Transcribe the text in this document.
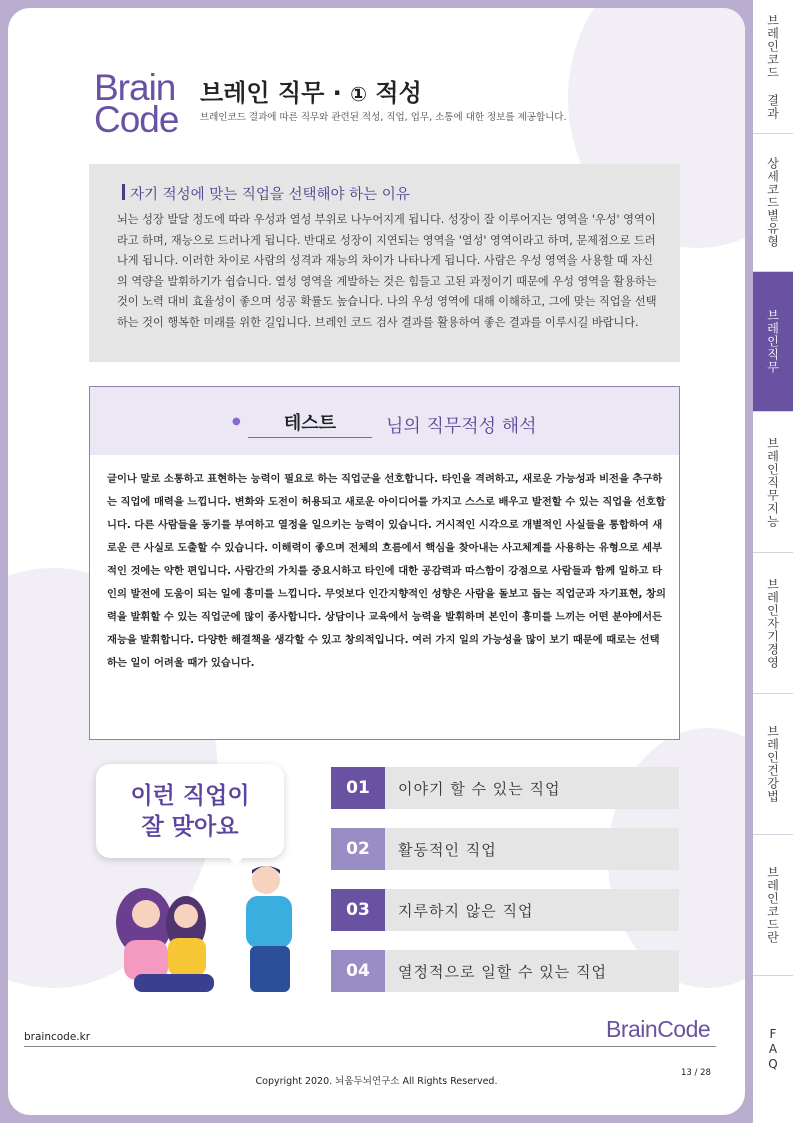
Brain
Code
브레인 직무 · ① 적성
브레인코드 결과에 따른 직무와 관련된 적성, 직업, 업무, 소통에 대한 정보를 제공합니다.
자기 적성에 맞는 직업을 선택해야 하는 이유
뇌는 성장 발달 정도에 따라 우성과 열성 부위로 나누어지게 됩니다. 성장이 잘 이루어지는 영역을 '우성' 영역이라고 하며, 재능으로 드러나게 됩니다. 반대로 성장이 지연되는 영역을 '열성' 영역이라고 하며, 문제점으로 드러나게 됩니다. 이러한 차이로 사람의 성격과 재능의 차이가 나타나게 됩니다. 사람은 우성 영역을 사용할 때 자신의 역량을 발휘하기가 쉽습니다. 열성 영역을 계발하는 것은 힘들고 고된 과정이기 때문에 우성 영역을 활용하는 것이 노력 대비 효율성이 좋으며 성공 확률도 높습니다. 나의 우성 영역에 대해 이해하고, 그에 맞는 직업을 선택하는 것이 행복한 미래를 위한 길입니다. 브레인 코드 검사 결과를 활용하여 좋은 결과를 이루시길 바랍니다.
●	테스트	님의 직무적성 해석
글이나 말로 소통하고 표현하는 능력이 필요로 하는 직업군을 선호합니다. 타인을 격려하고, 새로운 가능성과 비전을 추구하는 직업에 매력을 느낍니다. 변화와 도전이 허용되고 새로운 아이디어를 가지고 스스로 배우고 발전할 수 있는 직업을 선호합니다. 다른 사람들을 동기를 부여하고 열정을 일으키는 능력이 있습니다. 거시적인 시각으로 개별적인 사실들을 통합하여 새로운 큰 사실로 도출할 수 있습니다. 이해력이 좋으며 전체의 흐름에서 핵심을 찾아내는 사고체계를 사용하는 유형으로 세부적인 것에는 약한 편입니다. 사람간의 가치를 중요시하고 타인에 대한 공감력과 따스함이 강점으로 사람들과 함께 일하고 타인의 발전에 도움이 되는 일에 흥미를 느낍니다. 무엇보다 인간지향적인 성향은 사람을 돌보고 돕는 직업군과 자기표현, 창의력을 발휘할 수 있는 직업군에 많이 종사합니다. 상담이나 교육에서 능력을 발휘하며 본인이 흥미를 느끼는 어떤 분야에서든 재능을 발휘합니다. 다양한 해결책을 생각할 수 있고 창의적입니다. 여러 가지 일의 가능성을 많이 보기 때문에 때로는 선택하는 일이 어려울 때가 있습니다.
이런 직업이
잘 맞아요
01	이야기 할 수 있는 직업
02	활동적인 직업
03	지루하지 않은 직업
04	열정적으로 일할 수 있는 직업
braincode.kr	BrainCode
Copyright 2020. 뇌움두뇌연구소 All Rights Reserved.
13 / 28
브레인코드 결과
상세코드별유형
브레인직무
브레인직무지능
브레인자기경영
브레인건강법
브레인코드란
FAQ
